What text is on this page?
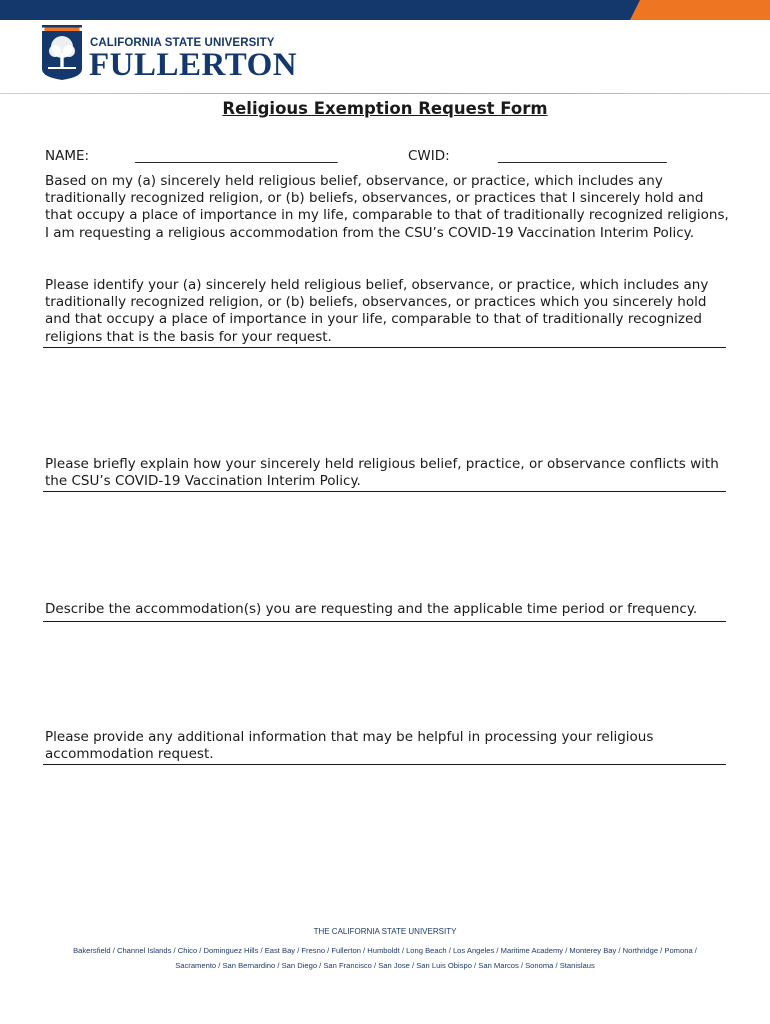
CALIFORNIA STATE UNIVERSITY
FULLERTON
Religious Exemption Request Form
NAME:	______________________________	CWID:	_________________________
Based on my (a) sincerely held religious belief, observance, or practice, which includes any traditionally recognized religion, or (b) beliefs, observances, or practices that I sincerely hold and that occupy a place of importance in my life, comparable to that of traditionally recognized religions, I am requesting a religious accommodation from the CSU’s COVID-19 Vaccination Interim Policy.
Please identify your (a) sincerely held religious belief, observance, or practice, which includes any traditionally recognized religion, or (b) beliefs, observances, or practices which you sincerely hold and that occupy a place of importance in your life, comparable to that of traditionally recognized religions that is the basis for your request.
Please briefly explain how your sincerely held religious belief, practice, or observance conflicts with the CSU’s COVID-19 Vaccination Interim Policy.
Describe the accommodation(s) you are requesting and the applicable time period or frequency.
Please provide any additional information that may be helpful in processing your religious accommodation request.
THE CALIFORNIA STATE UNIVERSITY
Bakersfield / Channel Islands / Chico / Dominguez Hills / East Bay / Fresno / Fullerton / Humboldt / Long Beach / Los Angeles / Maritime Academy / Monterey Bay / Northridge / Pomona /
Sacramento / San Bernardino / San Diego / San Francisco / San Jose / San Luis Obispo / San Marcos / Sonoma / Stanislaus
